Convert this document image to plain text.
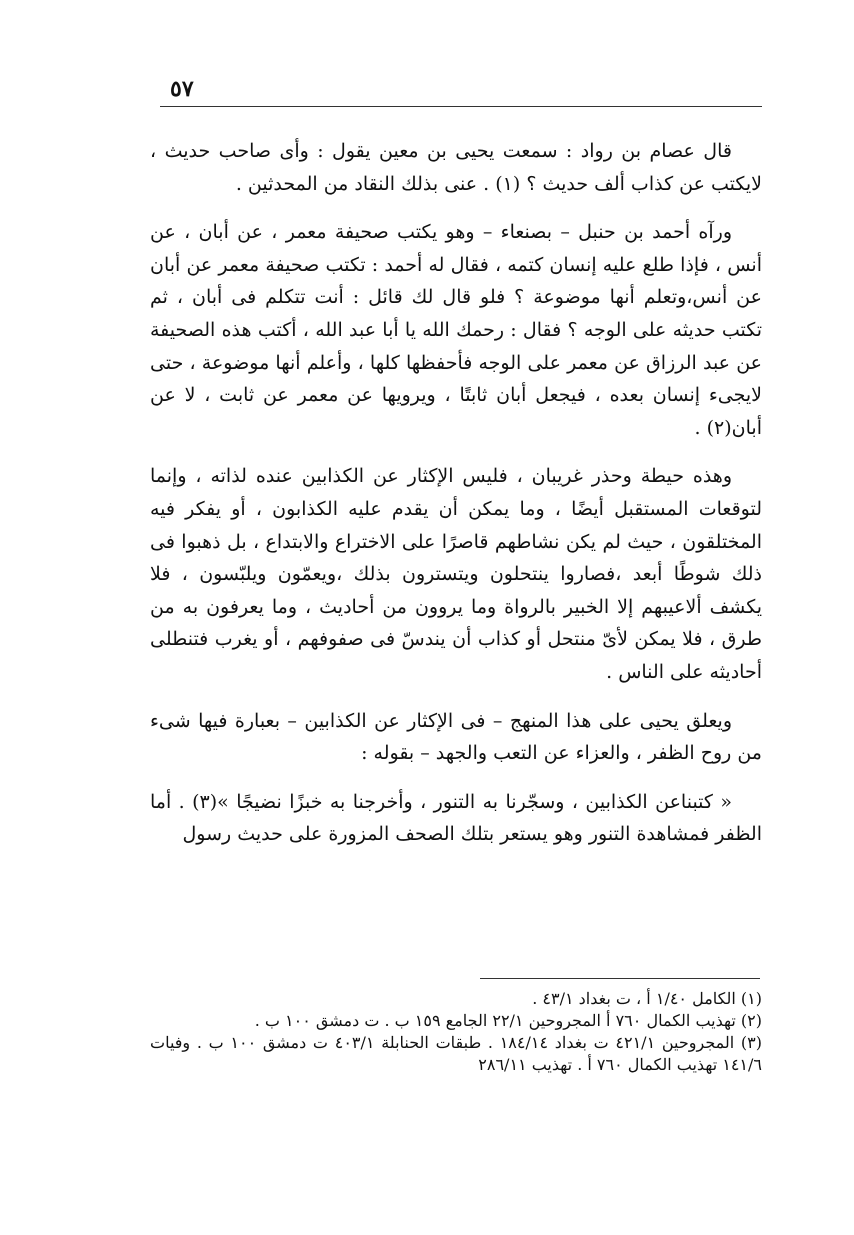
٥٧

قال عصام بن رواد : سمعت يحيى بن معين يقول : وأى صاحب حديث ، لايكتب عن كذاب ألف حديث ؟ (١) . عنى بذلك النقاد من المحدثين .

ورآه أحمد بن حنبل – بصنعاء – وهو يكتب صحيفة معمر ، عن أبان ، عن أنس ، فإذا طلع عليه إنسان كتمه ، فقال له أحمد : تكتب صحيفة معمر عن أبان عن أنس،وتعلم أنها موضوعة ؟ فلو قال لك قائل : أنت تتكلم فى أبان ، ثم تكتب حديثه على الوجه ؟ فقال : رحمك الله يا أبا عبد الله ، أكتب هذه الصحيفة عن عبد الرزاق عن معمر على الوجه فأحفظها كلها ، وأعلم أنها موضوعة ، حتى لايجىء إنسان بعده ، فيجعل أبان ثابتًا ، ويرويها عن معمر عن ثابت ، لا عن أبان(٢) .

وهذه حيطة وحذر غريبان ، فليس الإكثار عن الكذابين عنده لذاته ، وإنما لتوقعات المستقبل أيضًا ، وما يمكن أن يقدم عليه الكذابون ، أو يفكر فيه المختلقون ، حيث لم يكن نشاطهم قاصرًا على الاختراع والابتداع ، بل ذهبوا فى ذلك شوطًا أبعد ،فصاروا ينتحلون ويتسترون بذلك ،ويعمّون ويلبّسون ، فلا يكشف ألاعيبهم إلا الخبير بالرواة وما يروون من أحاديث ، وما يعرفون به من طرق ، فلا يمكن لأىّ منتحل أو كذاب أن يندسّ فى صفوفهم ، أو يغرب فتنطلى أحاديثه على الناس .

ويعلق يحيى على هذا المنهج – فى الإكثار عن الكذابين – بعبارة فيها شىء من روح الظفر ، والعزاء عن التعب والجهد – بقوله :

« كتبناعن الكذابين ، وسجّرنا به التنور ، وأخرجنا به خبزًا نضيجًا »(٣) . أما الظفر فمشاهدة التنور وهو يستعر بتلك الصحف المزورة على حديث رسول

(١) الكامل ١/٤٠ أ ، ت بغداد ٤٣/١ .
(٢) تهذيب الكمال ٧٦٠ أ المجروحين ٢٢/١ الجامع ١٥٩ ب . ت دمشق ١٠٠ ب .
(٣) المجروحين ٤٢١/١ ت بغداد ١٨٤/١٤ . طبقات الحنابلة ٤٠٣/١ ت دمشق ١٠٠ ب . وفيات ١٤١/٦ تهذيب الكمال ٧٦٠ أ . تهذيب ٢٨٦/١١
